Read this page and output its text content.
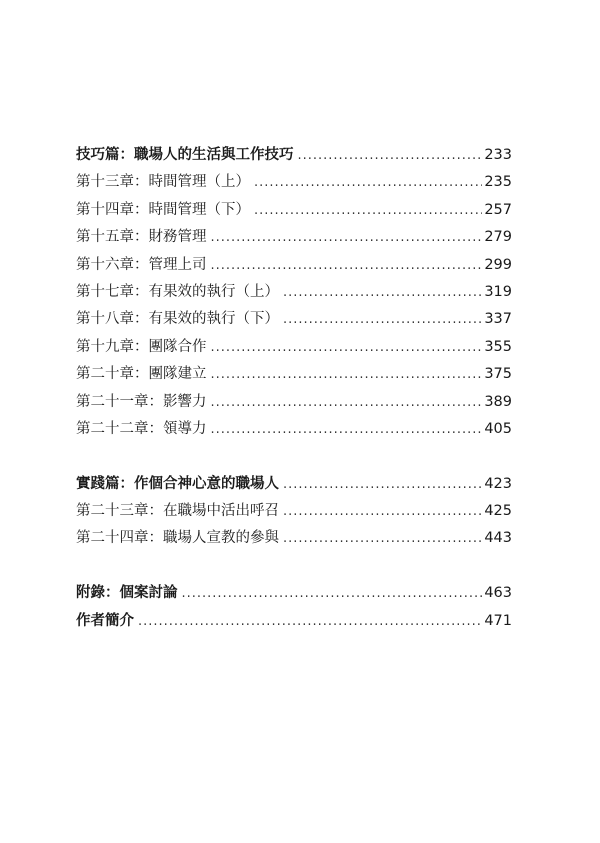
技巧篇：職場人的生活與工作技巧 .....	233
第十三章：時間管理（上） .....	235
第十四章：時間管理（下） .....	257
第十五章：財務管理 .....	279
第十六章：管理上司 .....	299
第十七章：有果效的執行（上） .....	319
第十八章：有果效的執行（下） .....	337
第十九章：團隊合作 .....	355
第二十章：團隊建立 .....	375
第二十一章：影響力 .....	389
第二十二章：領導力 .....	405
實踐篇：作個合神心意的職場人 .....	423
第二十三章：在職場中活出呼召 .....	425
第二十四章：職場人宣教的參與 .....	443
附錄：個案討論 .....	463
作者簡介 .....	471
